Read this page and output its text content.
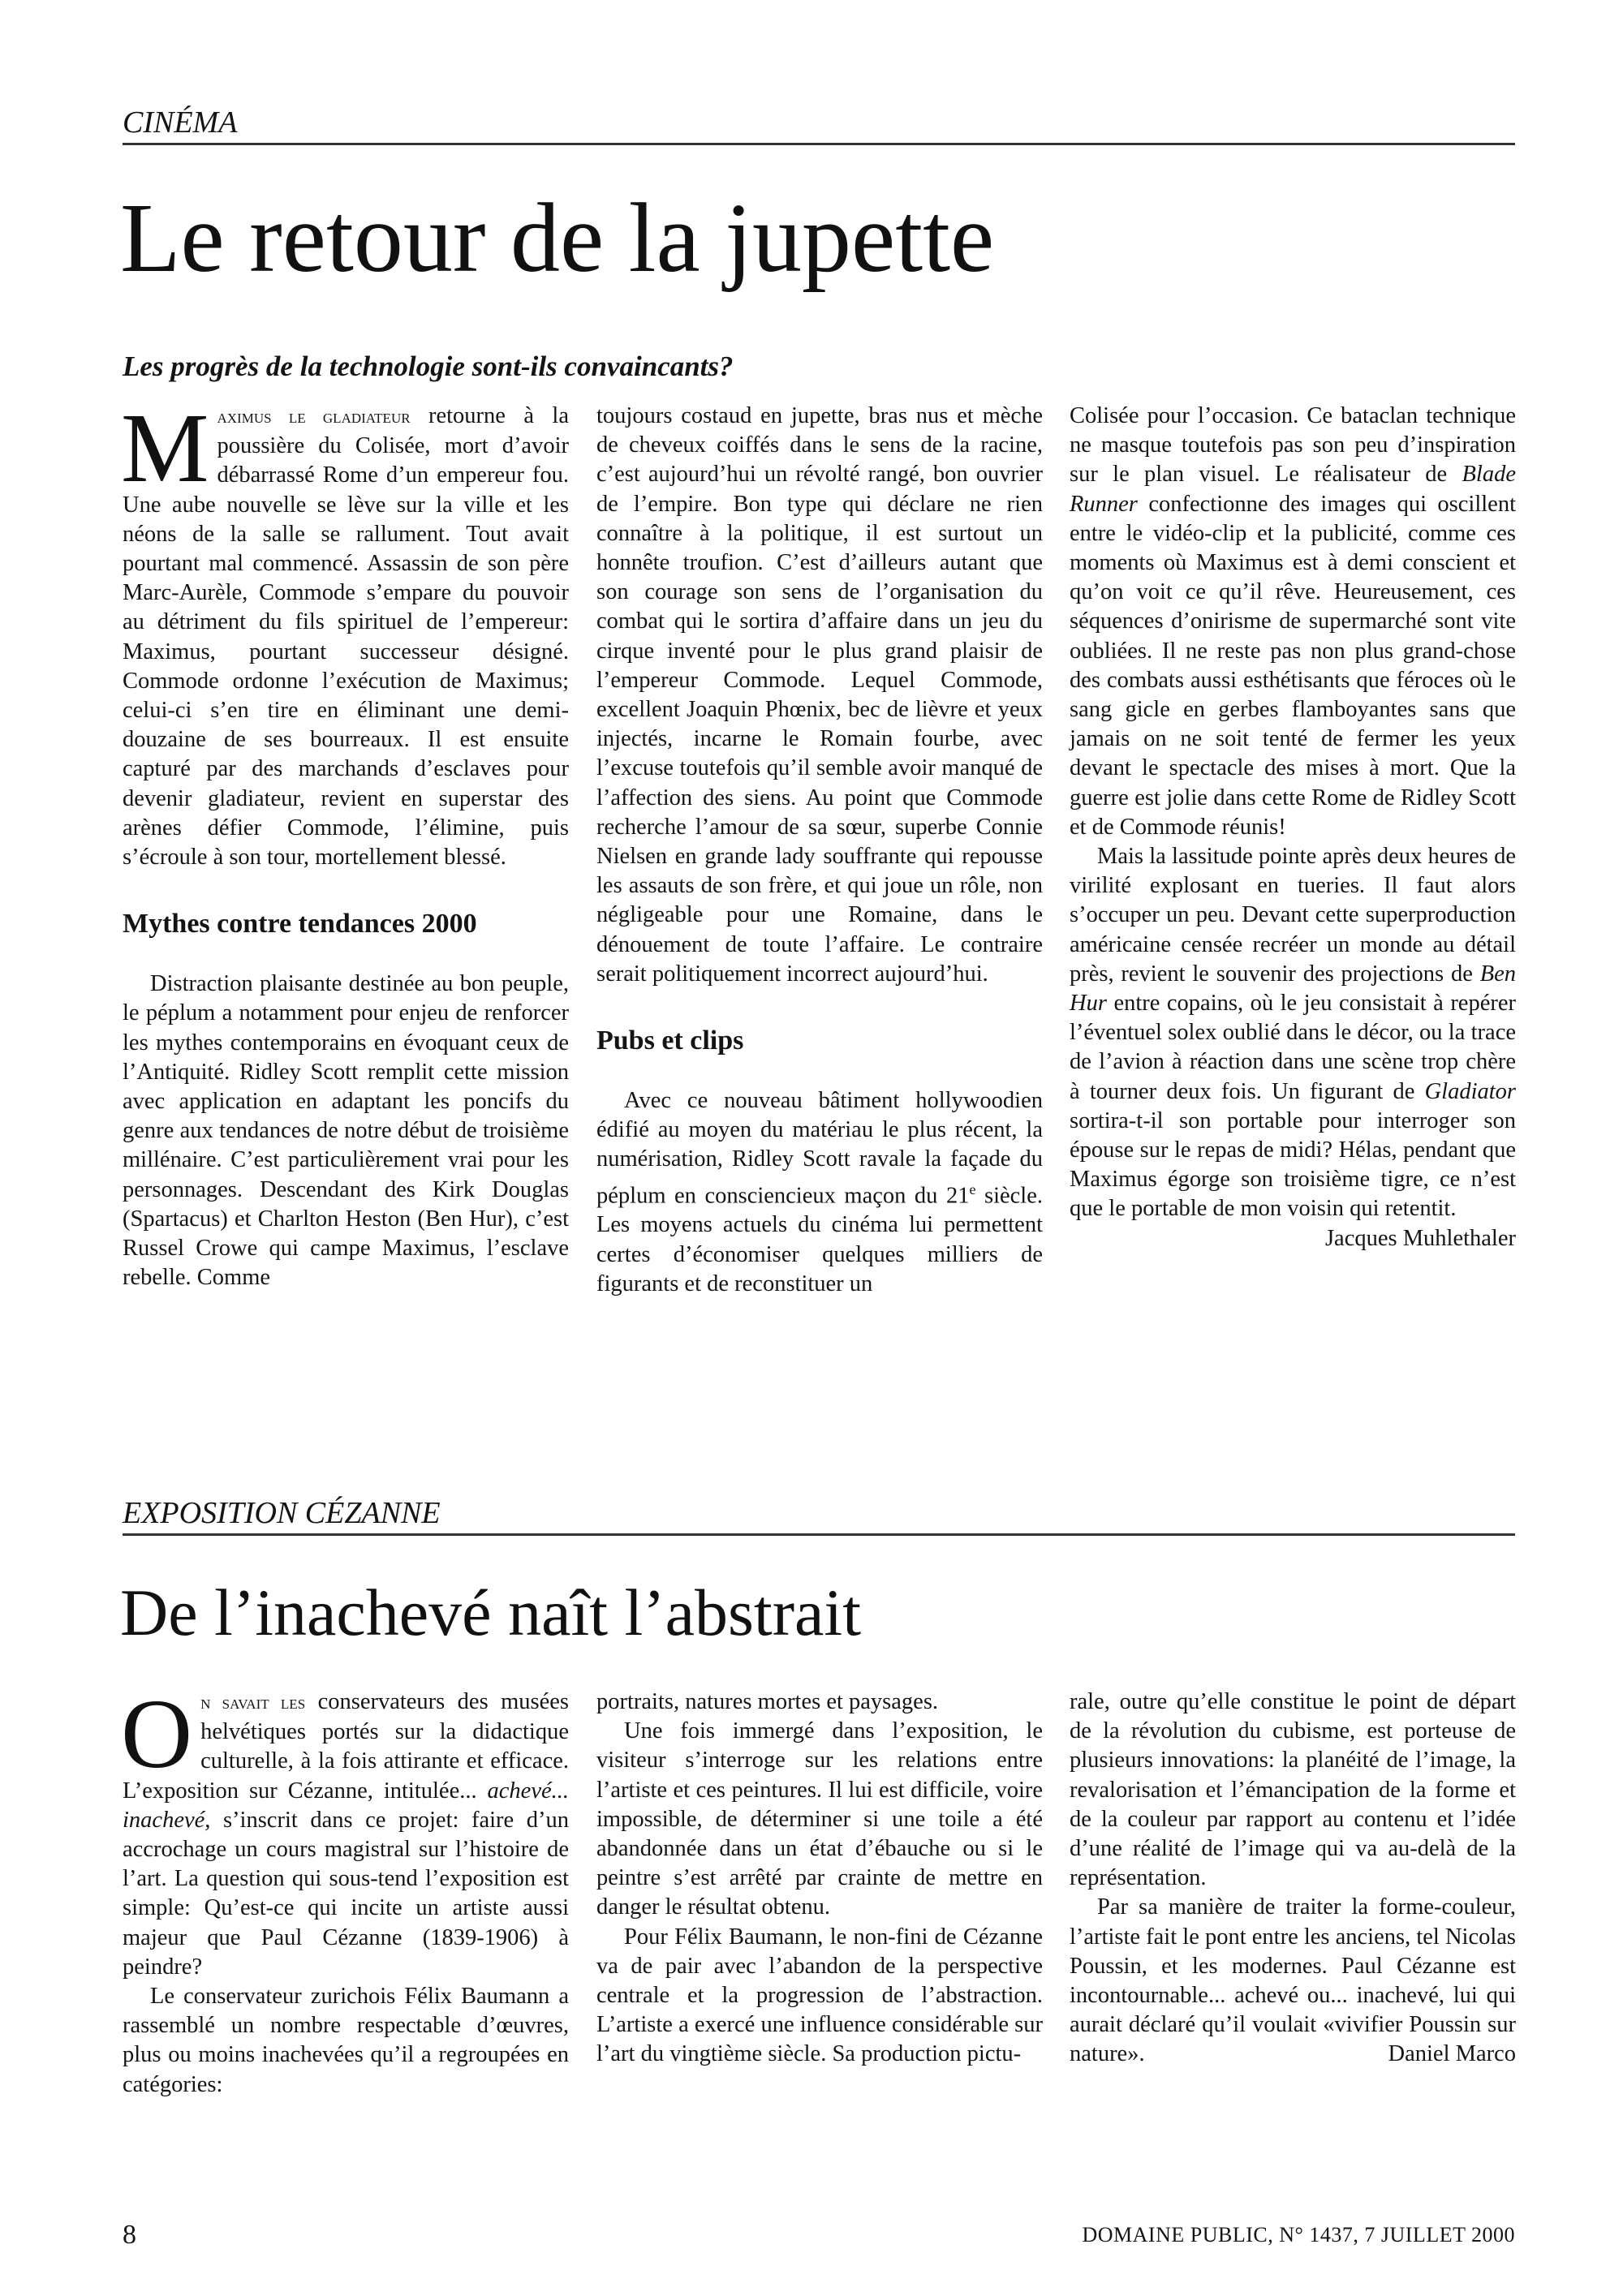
CINÉMA
Le retour de la jupette
Les progrès de la technologie sont-ils convaincants?

Maximus le gladiateur retourne à la poussière du Colisée, mort d’avoir débarrassé Rome d’un empereur fou. Une aube nouvelle se lève sur la ville et les néons de la salle se rallument. Tout avait pourtant mal commencé. Assassin de son père Marc-Aurèle, Commode s’empare du pouvoir au détriment du fils spirituel de l’empereur: Maximus, pourtant successeur désigné. Commode ordonne l’exécution de Maximus; celui-ci s’en tire en éliminant une demi-douzaine de ses bourreaux. Il est ensuite capturé par des marchands d’esclaves pour devenir gladiateur, revient en superstar des arènes défier Commode, l’élimine, puis s’écroule à son tour, mortellement blessé.

Mythes contre tendances 2000

Distraction plaisante destinée au bon peuple, le péplum a notamment pour enjeu de renforcer les mythes contemporains en évoquant ceux de l’Antiquité. Ridley Scott remplit cette mission avec application en adaptant les poncifs du genre aux tendances de notre début de troisième millénaire. C’est particulièrement vrai pour les personnages. Descendant des Kirk Douglas (Spartacus) et Charlton Heston (Ben Hur), c’est Russel Crowe qui campe Maximus, l’esclave rebelle. Comme

toujours costaud en jupette, bras nus et mèche de cheveux coiffés dans le sens de la racine, c’est aujourd’hui un révolté rangé, bon ouvrier de l’empire. Bon type qui déclare ne rien connaître à la politique, il est surtout un honnête troufion. C’est d’ailleurs autant que son courage son sens de l’organisation du combat qui le sortira d’affaire dans un jeu du cirque inventé pour le plus grand plaisir de l’empereur Commode. Lequel Commode, excellent Joaquin Phœnix, bec de lièvre et yeux injectés, incarne le Romain fourbe, avec l’excuse toutefois qu’il semble avoir manqué de l’affection des siens. Au point que Commode recherche l’amour de sa sœur, superbe Connie Nielsen en grande lady souffrante qui repousse les assauts de son frère, et qui joue un rôle, non négligeable pour une Romaine, dans le dénouement de toute l’affaire. Le contraire serait politiquement incorrect aujourd’hui.

Pubs et clips

Avec ce nouveau bâtiment hollywoodien édifié au moyen du matériau le plus récent, la numérisation, Ridley Scott ravale la façade du péplum en consciencieux maçon du 21e siècle. Les moyens actuels du cinéma lui permettent certes d’économiser quelques milliers de figurants et de reconstituer un

Colisée pour l’occasion. Ce bataclan technique ne masque toutefois pas son peu d’inspiration sur le plan visuel. Le réalisateur de Blade Runner confectionne des images qui oscillent entre le vidéo-clip et la publicité, comme ces moments où Maximus est à demi conscient et qu’on voit ce qu’il rêve. Heureusement, ces séquences d’onirisme de supermarché sont vite oubliées. Il ne reste pas non plus grand-chose des combats aussi esthétisants que féroces où le sang gicle en gerbes flamboyantes sans que jamais on ne soit tenté de fermer les yeux devant le spectacle des mises à mort. Que la guerre est jolie dans cette Rome de Ridley Scott et de Commode réunis!

Mais la lassitude pointe après deux heures de virilité explosant en tueries. Il faut alors s’occuper un peu. Devant cette superproduction américaine censée recréer un monde au détail près, revient le souvenir des projections de Ben Hur entre copains, où le jeu consistait à repérer l’éventuel solex oublié dans le décor, ou la trace de l’avion à réaction dans une scène trop chère à tourner deux fois. Un figurant de Gladiator sortira-t-il son portable pour interroger son épouse sur le repas de midi? Hélas, pendant que Maximus égorge son troisième tigre, ce n’est que le portable de mon voisin qui retentit.

Jacques Muhlethaler

EXPOSITION CÉZANNE
De l’inachevé naît l’abstrait

On savait les conservateurs des musées helvétiques portés sur la didactique culturelle, à la fois attirante et efficace. L’exposition sur Cézanne, intitulée... achevé... inachevé, s’inscrit dans ce projet: faire d’un accrochage un cours magistral sur l’histoire de l’art. La question qui sous-tend l’exposition est simple: Qu’est-ce qui incite un artiste aussi majeur que Paul Cézanne (1839-1906) à peindre?

Le conservateur zurichois Félix Baumann a rassemblé un nombre respectable d’œuvres, plus ou moins inachevées qu’il a regroupées en catégories:

portraits, natures mortes et paysages.

Une fois immergé dans l’exposition, le visiteur s’interroge sur les relations entre l’artiste et ces peintures. Il lui est difficile, voire impossible, de déterminer si une toile a été abandonnée dans un état d’ébauche ou si le peintre s’est arrêté par crainte de mettre en danger le résultat obtenu.

Pour Félix Baumann, le non-fini de Cézanne va de pair avec l’abandon de la perspective centrale et la progression de l’abstraction. L’artiste a exercé une influence considérable sur l’art du vingtième siècle. Sa production pictu-

rale, outre qu’elle constitue le point de départ de la révolution du cubisme, est porteuse de plusieurs innovations: la planéité de l’image, la revalorisation et l’émancipation de la forme et de la couleur par rapport au contenu et l’idée d’une réalité de l’image qui va au-delà de la représentation.

Par sa manière de traiter la forme-couleur, l’artiste fait le pont entre les anciens, tel Nicolas Poussin, et les modernes. Paul Cézanne est incontournable... achevé ou... inachevé, lui qui aurait déclaré qu’il voulait «vivifier Poussin sur nature».	Daniel Marco

8	DOMAINE PUBLIC, N° 1437, 7 JUILLET 2000
